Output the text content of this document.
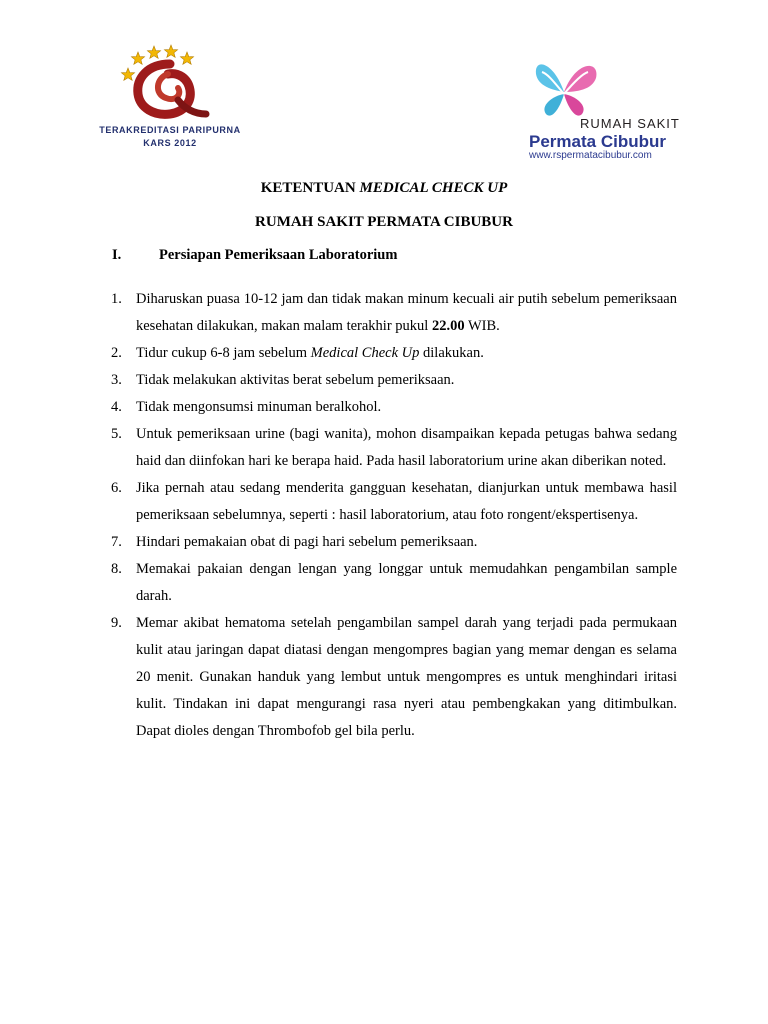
TERAKREDITASI PARIPURNA
KARS 2012
RUMAH SAKIT
Permata Cibubur
www.rspermatacibubur.com
KETENTUAN MEDICAL CHECK UP
RUMAH SAKIT PERMATA CIBUBUR
I.	Persiapan Pemeriksaan Laboratorium
1. Diharuskan puasa 10-12 jam dan tidak makan minum kecuali air putih sebelum pemeriksaan kesehatan dilakukan, makan malam terakhir pukul 22.00 WIB.
2. Tidur cukup 6-8 jam sebelum Medical Check Up dilakukan.
3. Tidak melakukan aktivitas berat sebelum pemeriksaan.
4. Tidak mengonsumsi minuman beralkohol.
5. Untuk pemeriksaan urine (bagi wanita), mohon disampaikan kepada petugas bahwa sedang haid dan diinfokan hari ke berapa haid. Pada hasil laboratorium urine akan diberikan noted.
6. Jika pernah atau sedang menderita gangguan kesehatan, dianjurkan untuk membawa hasil pemeriksaan sebelumnya, seperti : hasil laboratorium, atau foto rongent/ekspertisenya.
7. Hindari pemakaian obat di pagi hari sebelum pemeriksaan.
8. Memakai pakaian dengan lengan yang longgar untuk memudahkan pengambilan sample darah.
9. Memar akibat hematoma setelah pengambilan sampel darah yang terjadi pada permukaan kulit atau jaringan dapat diatasi dengan mengompres bagian yang memar dengan es selama 20 menit. Gunakan handuk yang lembut untuk mengompres es untuk menghindari iritasi kulit. Tindakan ini dapat mengurangi rasa nyeri atau pembengkakan yang ditimbulkan. Dapat dioles dengan Thrombofob gel bila perlu.
